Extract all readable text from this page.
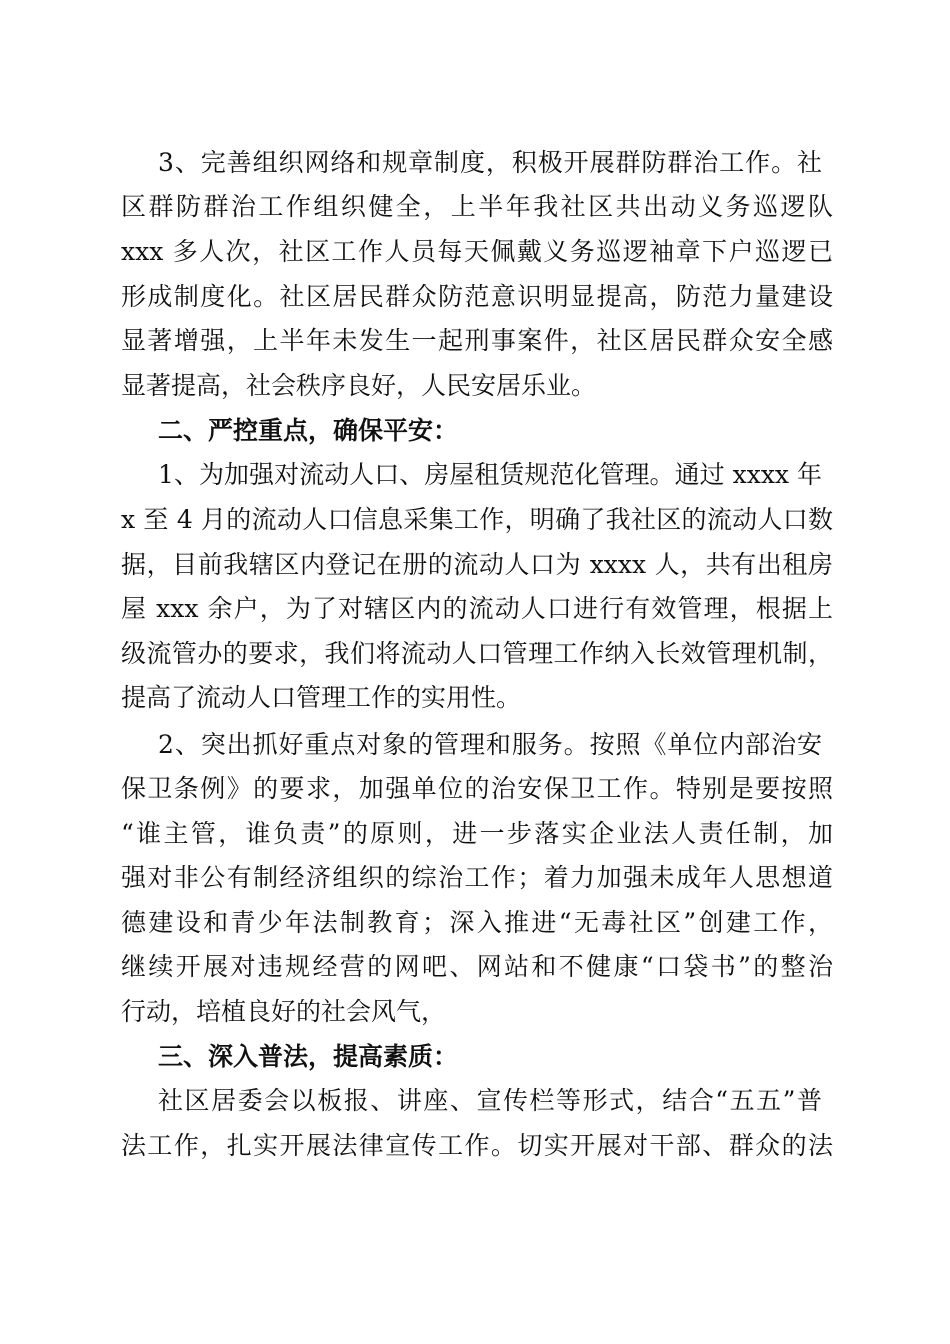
3、完善组织网络和规章制度，积极开展群防群治工作。社
区群防群治工作组织健全，上半年我社区共出动义务巡逻队
xxx 多人次，社区工作人员每天佩戴义务巡逻袖章下户巡逻已
形成制度化。社区居民群众防范意识明显提高，防范力量建设
显著增强，上半年未发生一起刑事案件，社区居民群众安全感
显著提高，社会秩序良好，人民安居乐业。
二、严控重点，确保平安：
1、为加强对流动人口、房屋租赁规范化管理。通过 xxxx 年
x 至 4 月的流动人口信息采集工作，明确了我社区的流动人口数
据，目前我辖区内登记在册的流动人口为 xxxx 人，共有出租房
屋 xxx 余户，为了对辖区内的流动人口进行有效管理，根据上
级流管办的要求，我们将流动人口管理工作纳入长效管理机制，
提高了流动人口管理工作的实用性。
2、突出抓好重点对象的管理和服务。按照《单位内部治安
保卫条例》的要求，加强单位的治安保卫工作。特别是要按照
“谁主管，谁负责”的原则，进一步落实企业法人责任制，加
强对非公有制经济组织的综治工作；着力加强未成年人思想道
德建设和青少年法制教育；深入推进“无毒社区”创建工作，
继续开展对违规经营的网吧、网站和不健康“口袋书”的整治
行动，培植良好的社会风气，
三、深入普法，提高素质：
社区居委会以板报、讲座、宣传栏等形式，结合“五五”普
法工作，扎实开展法律宣传工作。切实开展对干部、群众的法
